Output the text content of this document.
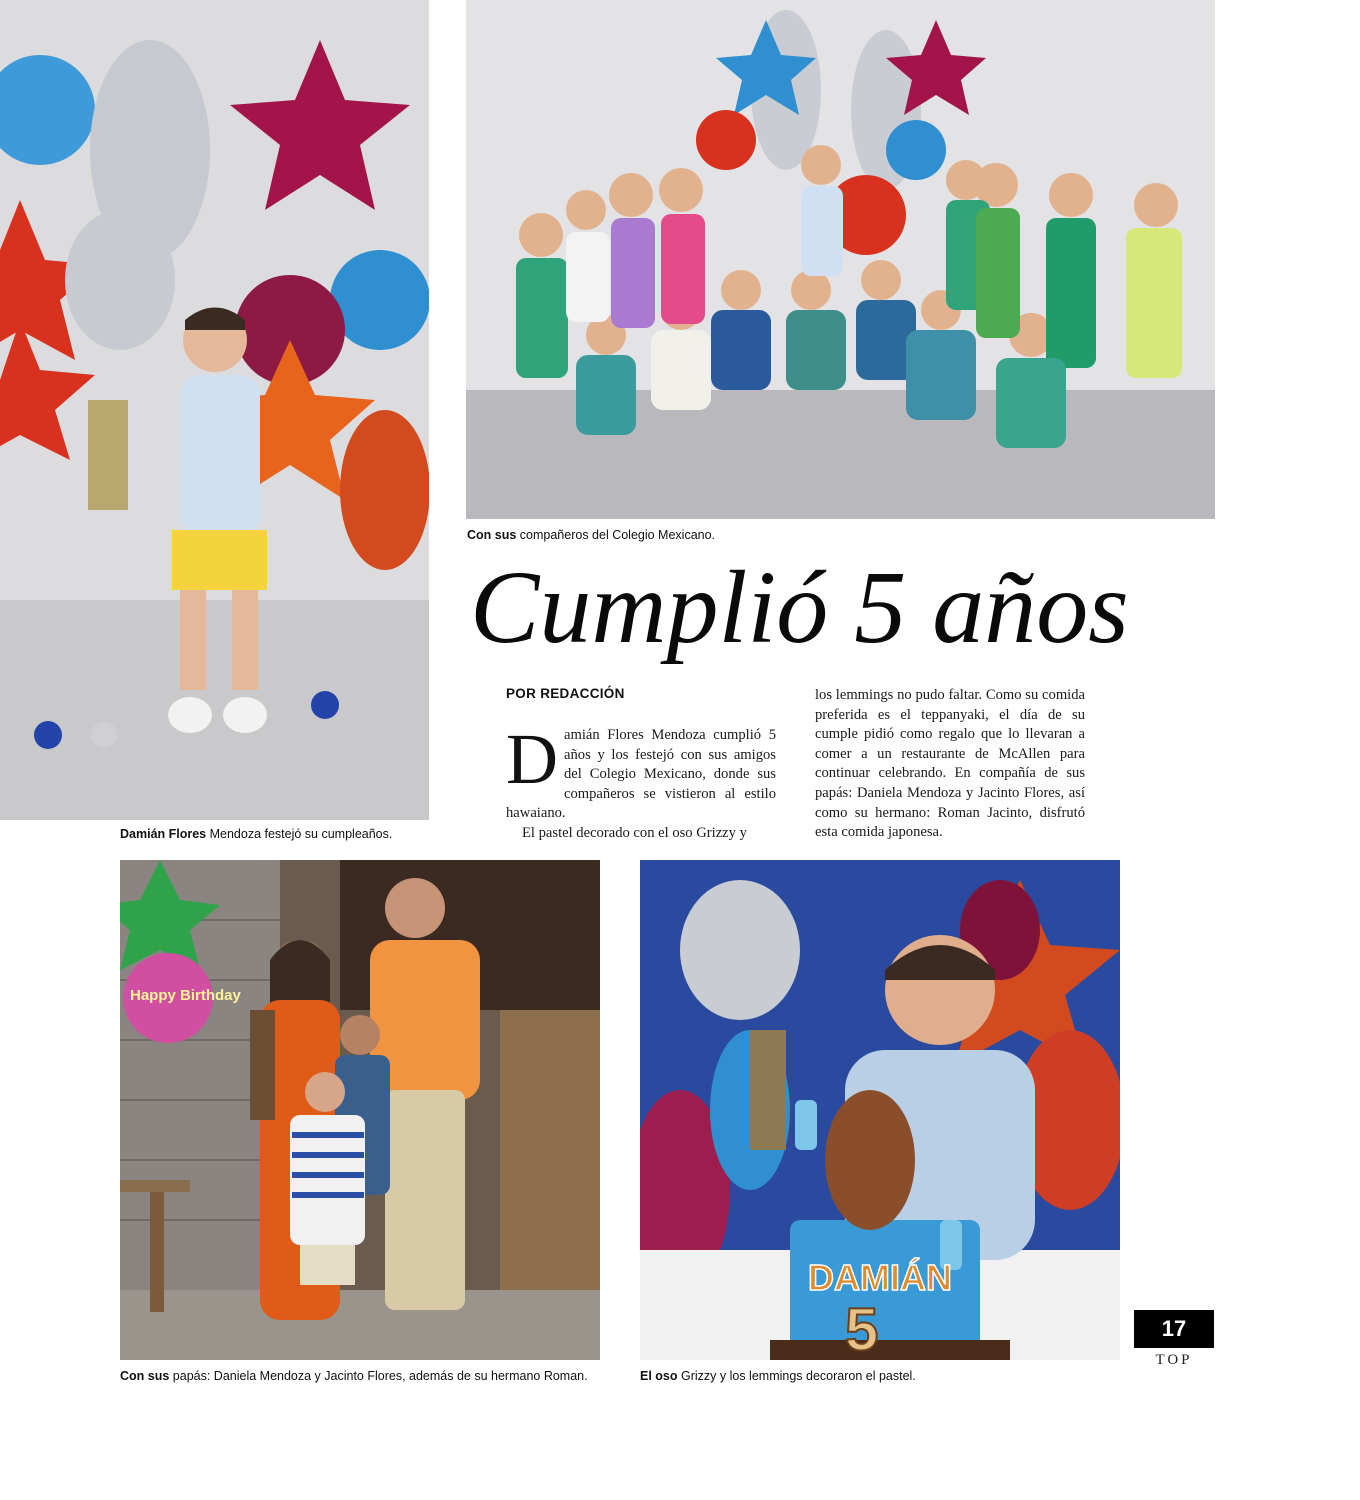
Damián Flores Mendoza festejó su cumpleaños.
Con sus compañeros del Colegio Mexicano.
Cumplió 5 años
POR REDACCIÓN

Damián Flores Mendoza cumplió 5 años y los festejó con sus amigos del Colegio Mexicano, donde sus compañeros se vistieron al estilo hawaiano.

El pastel decorado con el oso Grizzy y

los lemmings no pudo faltar. Como su comida preferida es el teppanyaki, el día de su cumple pidió como regalo que lo llevaran a comer a un restaurante de McAllen para continuar celebrando. En compañía de sus papás: Daniela Mendoza y Jacinto Flores, así como su hermano: Roman Jacinto, disfrutó esta comida japonesa.

Happy Birthday
Con sus papás: Daniela Mendoza y Jacinto Flores, además de su hermano Roman.
DAMIÁN
5
El oso Grizzy y los lemmings decoraron el pastel.
17
TOP
